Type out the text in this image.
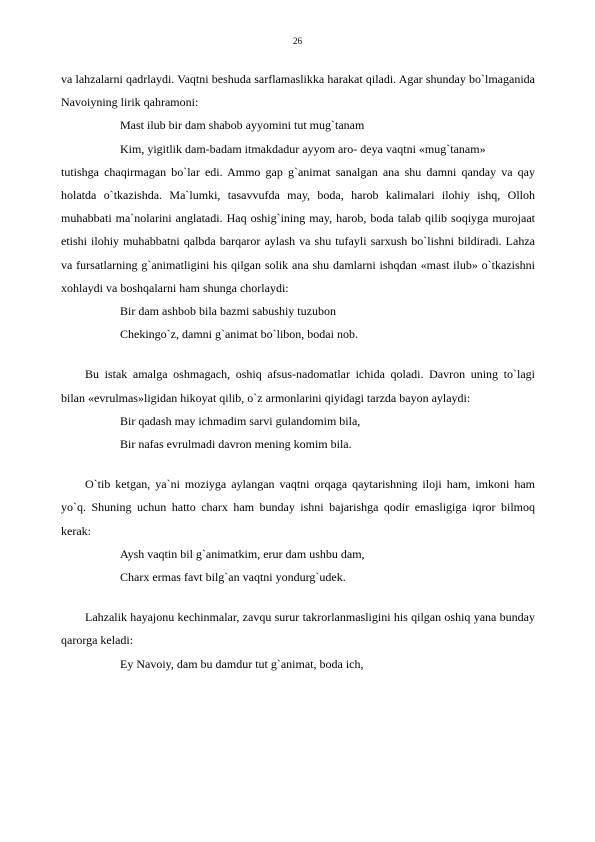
26

va lahzalarni qadrlaydi. Vaqtni beshuda sarflamaslikka harakat qiladi. Agar shunday bo`lmaganida Navoiyning lirik qahramoni:

Mast ilub bir dam shabob ayyomini tut mug`tanam

Kim, yigitlik dam-badam itmakdadur ayyom aro- deya vaqtni «mug`tanam»

tutishga chaqirmagan bo`lar edi. Ammo gap g`animat sanalgan ana shu damni qanday va qay holatda o`tkazishda. Ma`lumki, tasavvufda may, boda, harob kalimalari ilohiy ishq, Olloh muhabbati ma`nolarini anglatadi. Haq oshig`ining may, harob, boda talab qilib soqiyga murojaat etishi ilohiy muhabbatni qalbda barqaror aylash va shu tufayli sarxush bo`lishni bildiradi. Lahza va fursatlarning g`animatligini his qilgan solik ana shu damlarni ishqdan «mast ilub» o`tkazishni xohlaydi va boshqalarni ham shunga chorlaydi:

Bir dam ashbob bila bazmi sabushiy tuzubon

Chekingo`z, damni g`animat bo`libon, bodai nob.

Bu istak amalga oshmagach, oshiq afsus-nadomatlar ichida qoladi. Davron uning to`lagi bilan «evrulmas»ligidan hikoyat qilib, o`z armonlarini qiyidagi tarzda bayon aylaydi:

Bir qadash may ichmadim sarvi gulandomim bila,

Bir nafas evrulmadi davron mening komim bila.

O`tib ketgan, ya`ni moziyga aylangan vaqtni orqaga qaytarishning iloji ham, imkoni ham yo`q. Shuning uchun hatto charx ham bunday ishni bajarishga qodir emasligiga iqror bilmoq kerak:

Aysh vaqtin bil g`animatkim, erur dam ushbu dam,

Charx ermas favt bilg`an vaqtni yondurg`udek.

Lahzalik hayajonu kechinmalar, zavqu surur takrorlanmasligini his qilgan oshiq yana bunday qarorga keladi:

Ey Navoiy, dam bu damdur tut g`animat, boda ich,
